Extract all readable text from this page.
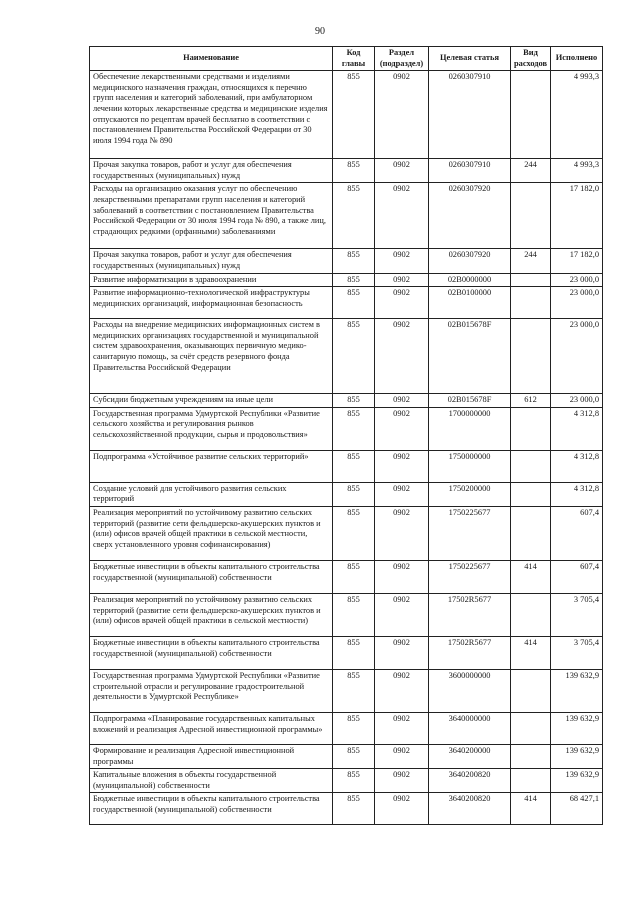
90
Наименование	Код главы	Раздел (подраздел)	Целевая статья	Вид расходов	Исполнено
Обеспечение лекарственными средствами и изделиями медицинского назначения граждан, относящихся к перечню групп населения и категорий заболеваний, при амбулаторном лечении которых лекарственные средства и медицинские изделия отпускаются по рецептам врачей бесплатно в соответствии с постановлением Правительства Российской Федерации от 30 июля 1994 года № 890	855	0902	0260307910		4 993,3
Прочая закупка товаров, работ и услуг для обеспечения государственных (муниципальных) нужд	855	0902	0260307910	244	4 993,3
Расходы на организацию оказания услуг по обеспечению лекарственными препаратами групп населения и категорий заболеваний в соответствии с постановлением Правительства Российской Федерации от 30 июля 1994 года № 890, а также лиц, страдающих редкими (орфанными) заболеваниями	855	0902	0260307920		17 182,0
Прочая закупка товаров, работ и услуг для обеспечения государственных (муниципальных) нужд	855	0902	0260307920	244	17 182,0
Развитие информатизации в здравоохранении	855	0902	02B0000000		23 000,0
Развитие информационно-технологической инфраструктуры медицинских организаций, информационная безопасность	855	0902	02B0100000		23 000,0
Расходы на внедрение медицинских информационных систем в медицинских организациях государственной и муниципальной систем здравоохранения, оказывающих первичную медико-санитарную помощь, за счёт средств резервного фонда Правительства Российской Федерации	855	0902	02B015678F		23 000,0
Субсидии бюджетным учреждениям на иные цели	855	0902	02B015678F	612	23 000,0
Государственная программа Удмуртской Республики «Развитие сельского хозяйства и регулирования рынков сельскохозяйственной продукции, сырья и продовольствия»	855	0902	1700000000		4 312,8
Подпрограмма «Устойчивое развитие сельских территорий»	855	0902	1750000000		4 312,8
Создание условий для устойчивого развития сельских территорий	855	0902	1750200000		4 312,8
Реализация мероприятий по устойчивому развитию сельских территорий (развитие сети фельдшерско-акушерских пунктов и (или) офисов врачей общей практики в сельской местности, сверх установленного уровня софинансирования)	855	0902	1750225677		607,4
Бюджетные инвестиции в объекты капитального строительства государственной (муниципальной) собственности	855	0902	1750225677	414	607,4
Реализация мероприятий по устойчивому развитию сельских территорий (развитие сети фельдшерско-акушерских пунктов и (или) офисов врачей общей практики в сельской местности)	855	0902	17502R5677		3 705,4
Бюджетные инвестиции в объекты капитального строительства государственной (муниципальной) собственности	855	0902	17502R5677	414	3 705,4
Государственная программа Удмуртской Республики «Развитие строительной отрасли и регулирование градостроительной деятельности в Удмуртской Республике»	855	0902	3600000000		139 632,9
Подпрограмма «Планирование государственных капитальных вложений и реализация Адресной инвестиционной программы»	855	0902	3640000000		139 632,9
Формирование и реализация Адресной инвестиционной программы	855	0902	3640200000		139 632,9
Капитальные вложения в объекты государственной (муниципальной) собственности	855	0902	3640200820		139 632,9
Бюджетные инвестиции в объекты капитального строительства государственной (муниципальной) собственности	855	0902	3640200820	414	68 427,1
